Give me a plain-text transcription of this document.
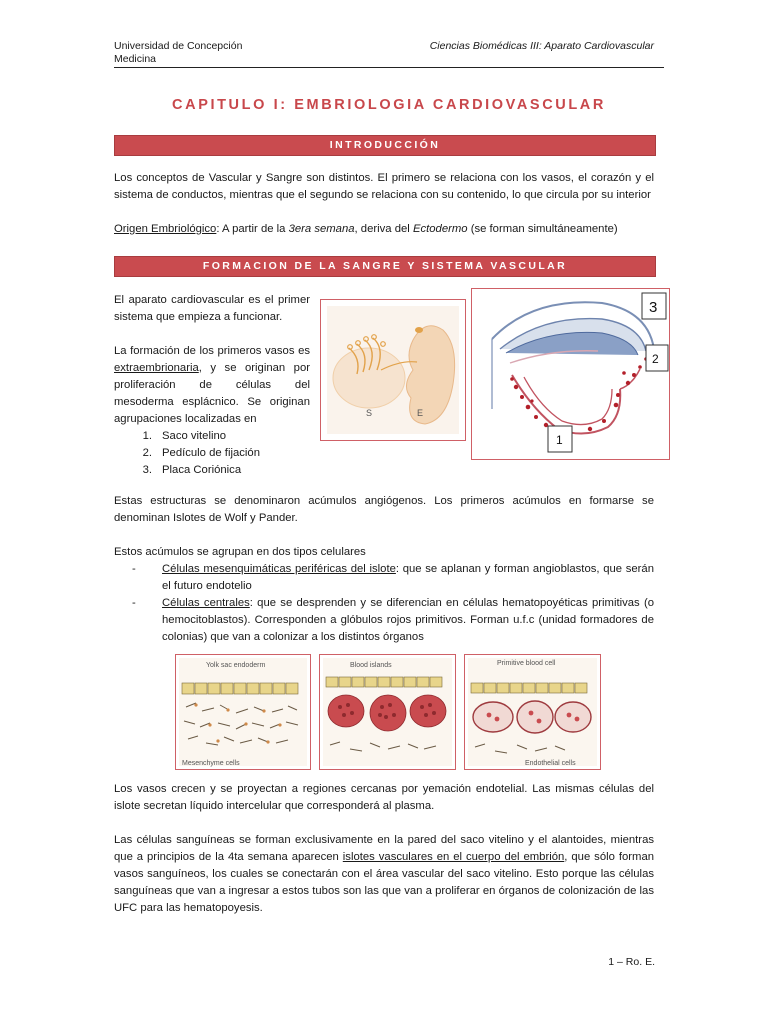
Universidad de Concepción
Medicina
Ciencias Biomédicas III: Aparato Cardiovascular
CAPITULO I: EMBRIOLOGIA CARDIOVASCULAR
INTRODUCCIÓN
Los conceptos de Vascular y Sangre son distintos. El primero se relaciona con los vasos, el corazón y el sistema de conductos, mientras que el segundo se relaciona con su contenido, lo que circula por su interior
Origen Embriológico: A partir de la 3era semana, deriva del Ectodermo (se forman simultáneamente)
FORMACION DE LA SANGRE Y SISTEMA VASCULAR
El aparato cardiovascular es el primer sistema que empieza a funcionar.
La formación de los primeros vasos es extraembrionaria, y se originan por proliferación de células del mesoderma esplácnico. Se originan agrupaciones localizadas en
1. Saco vitelino
2. Pedículo de fijación
3. Placa Coriónica
S	E
3
2
1
Estas estructuras se denominaron acúmulos angiógenos. Los primeros acúmulos en formarse se denominan Islotes de Wolf y Pander.
Estos acúmulos se agrupan en dos tipos celulares
-	Células mesenquimáticas periféricas del islote: que se aplanan y forman angioblastos, que serán el futuro endotelio
-	Células centrales: que se desprenden y se diferencian en células hematopoyéticas primitivas (o hemocitoblastos). Corresponden a glóbulos rojos primitivos. Forman u.f.c (unidad formadores de colonias) que van a colonizar a los distintos órganos
Yolk sac endoderm
Mesenchyme cells
Blood islands	Primitive blood cell
Endothelial cells
Los vasos crecen y se proyectan a regiones cercanas por yemación endotelial. Las mismas células del islote secretan líquido intercelular que corresponderá al plasma.
Las células sanguíneas se forman exclusivamente en la pared del saco vitelino y el alantoides, mientras que a principios de la 4ta semana aparecen islotes vasculares en el cuerpo del embrión, que sólo forman vasos sanguíneos, los cuales se conectarán con el área vascular del saco vitelino. Esto porque las células sanguíneas que van a ingresar a estos tubos son las que van a proliferar en órganos de colonización de las UFC para las hematopoyesis.
1 – Ro. E.
